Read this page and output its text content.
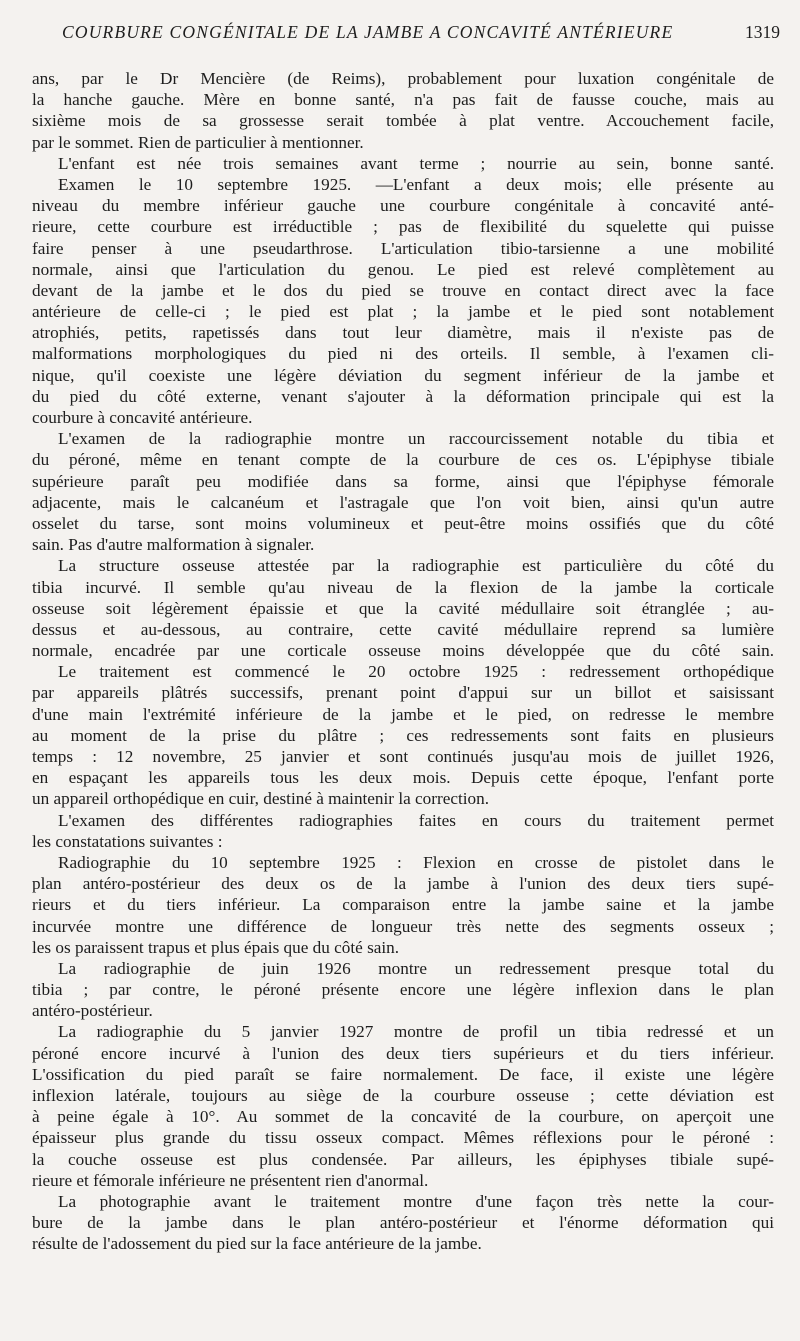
COURBURE CONGÉNITALE DE LA JAMBE A CONCAVITÉ ANTÉRIEURE	1319
ans, par le Dr Mencière (de Reims), probablement pour luxation congénitale de
la hanche gauche. Mère en bonne santé, n'a pas fait de fausse couche, mais au
sixième mois de sa grossesse serait tombée à plat ventre. Accouchement facile,
par le sommet. Rien de particulier à mentionner.
L'enfant est née trois semaines avant terme ; nourrie au sein, bonne santé.
Examen le 10 septembre 1925. —L'enfant a deux mois; elle présente au
niveau du membre inférieur gauche une courbure congénitale à concavité anté-
rieure, cette courbure est irréductible ; pas de flexibilité du squelette qui puisse
faire penser à une pseudarthrose. L'articulation tibio-tarsienne a une mobilité
normale, ainsi que l'articulation du genou. Le pied est relevé complètement au
devant de la jambe et le dos du pied se trouve en contact direct avec la face
antérieure de celle-ci ; le pied est plat ; la jambe et le pied sont notablement
atrophiés, petits, rapetissés dans tout leur diamètre, mais il n'existe pas de
malformations morphologiques du pied ni des orteils. Il semble, à l'examen cli-
nique, qu'il coexiste une légère déviation du segment inférieur de la jambe et
du pied du côté externe, venant s'ajouter à la déformation principale qui est la
courbure à concavité antérieure.
L'examen de la radiographie montre un raccourcissement notable du tibia et
du péroné, même en tenant compte de la courbure de ces os. L'épiphyse tibiale
supérieure paraît peu modifiée dans sa forme, ainsi que l'épiphyse fémorale
adjacente, mais le calcanéum et l'astragale que l'on voit bien, ainsi qu'un autre
osselet du tarse, sont moins volumineux et peut-être moins ossifiés que du côté
sain. Pas d'autre malformation à signaler.
La structure osseuse attestée par la radiographie est particulière du côté du
tibia incurvé. Il semble qu'au niveau de la flexion de la jambe la corticale
osseuse soit légèrement épaissie et que la cavité médullaire soit étranglée ; au-
dessus et au-dessous, au contraire, cette cavité médullaire reprend sa lumière
normale, encadrée par une corticale osseuse moins développée que du côté sain.
Le traitement est commencé le 20 octobre 1925 : redressement orthopédique
par appareils plâtrés successifs, prenant point d'appui sur un billot et saisissant
d'une main l'extrémité inférieure de la jambe et le pied, on redresse le membre
au moment de la prise du plâtre ; ces redressements sont faits en plusieurs
temps : 12 novembre, 25 janvier et sont continués jusqu'au mois de juillet 1926,
en espaçant les appareils tous les deux mois. Depuis cette époque, l'enfant porte
un appareil orthopédique en cuir, destiné à maintenir la correction.
L'examen des différentes radiographies faites en cours du traitement permet
les constatations suivantes :
Radiographie du 10 septembre 1925 : Flexion en crosse de pistolet dans le
plan antéro-postérieur des deux os de la jambe à l'union des deux tiers supé-
rieurs et du tiers inférieur. La comparaison entre la jambe saine et la jambe
incurvée montre une différence de longueur très nette des segments osseux ;
les os paraissent trapus et plus épais que du côté sain.
La radiographie de juin 1926 montre un redressement presque total du
tibia ; par contre, le péroné présente encore une légère inflexion dans le plan
antéro-postérieur.
La radiographie du 5 janvier 1927 montre de profil un tibia redressé et un
péroné encore incurvé à l'union des deux tiers supérieurs et du tiers inférieur.
L'ossification du pied paraît se faire normalement. De face, il existe une légère
inflexion latérale, toujours au siège de la courbure osseuse ; cette déviation est
à peine égale à 10°. Au sommet de la concavité de la courbure, on aperçoit une
épaisseur plus grande du tissu osseux compact. Mêmes réflexions pour le péroné :
la couche osseuse est plus condensée. Par ailleurs, les épiphyses tibiale supé-
rieure et fémorale inférieure ne présentent rien d'anormal.
La photographie avant le traitement montre d'une façon très nette la cour-
bure de la jambe dans le plan antéro-postérieur et l'énorme déformation qui
résulte de l'adossement du pied sur la face antérieure de la jambe.
